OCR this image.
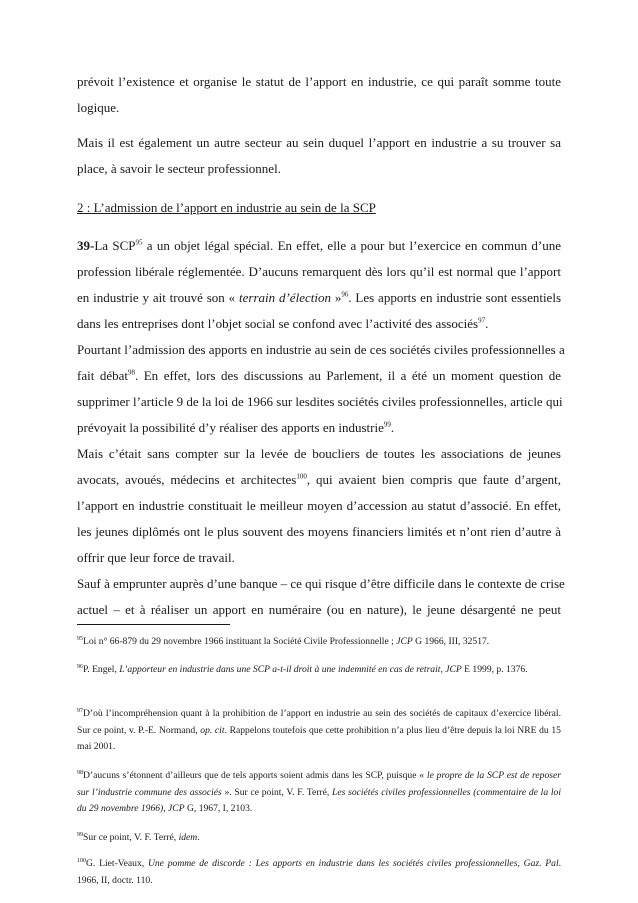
prévoit l’existence et organise le statut de l’apport en industrie, ce qui paraît somme toute

logique.

Mais il est également un autre secteur au sein duquel l’apport en industrie a su trouver sa

place, à savoir le secteur professionnel.

2 : L’admission de l’apport en industrie au sein de la SCP

39-La SCP$^{95}$ a un objet légal spécial. En effet, elle a pour but l’exercice en commun d’une

profession libérale réglementée. D’aucuns remarquent dès lors qu’il est normal que l’apport

en industrie y ait trouvé son « terrain d’élection »$^{96}$. Les apports en industrie sont essentiels

dans les entreprises dont l’objet social se confond avec l’activité des associés$^{97}$.

Pourtant l’admission des apports en industrie au sein de ces sociétés civiles professionnelles a

fait débat$^{98}$. En effet, lors des discussions au Parlement, il a été un moment question de

supprimer l’article 9 de la loi de 1966 sur lesdites sociétés civiles professionnelles, article qui

prévoyait la possibilité d’y réaliser des apports en industrie$^{99}$.

Mais c’était sans compter sur la levée de boucliers de toutes les associations de jeunes

avocats, avoués, médecins et architectes$^{100}$, qui avaient bien compris que faute d’argent,

l’apport en industrie constituait le meilleur moyen d’accession au statut d’associé. En effet,

les jeunes diplômés ont le plus souvent des moyens financiers limités et n’ont rien d’autre à

offrir que leur force de travail.

Sauf à emprunter auprès d’une banque – ce qui risque d’être difficile dans le contexte de crise

actuel – et à réaliser un apport en numéraire (ou en nature), le jeune désargenté ne peut

$^{95}$Loi n° 66-879 du 29 novembre 1966 instituant la Société Civile Professionnelle ; JCP G 1966, III, 32517.

$^{96}$P. Engel, L’apporteur en industrie dans une SCP a-t-il droit à une indemnité en cas de retrait, JCP E 1999, p. 1376.

$^{97}$D’où l’incompréhension quant à la prohibition de l’apport en industrie au sein des sociétés de capitaux d’exercice libéral. Sur ce point, v. P.-E. Normand, op. cit. Rappelons toutefois que cette prohibition n’a plus lieu d’être depuis la loi NRE du 15 mai 2001.

$^{98}$D’aucuns s’étonnent d’ailleurs que de tels apports soient admis dans les SCP, puisque « le propre de la SCP est de reposer sur l’industrie commune des associés ». Sur ce point, V. F. Terré, Les sociétés civiles professionnelles (commentaire de la loi du 29 novembre 1966), JCP G, 1967, I, 2103.

$^{99}$Sur ce point, V. F. Terré, idem.

$^{100}$G. Liet-Veaux, Une pomme de discorde : Les apports en industrie dans les sociétés civiles professionnelles, Gaz. Pal. 1966, II, doctr. 110.
